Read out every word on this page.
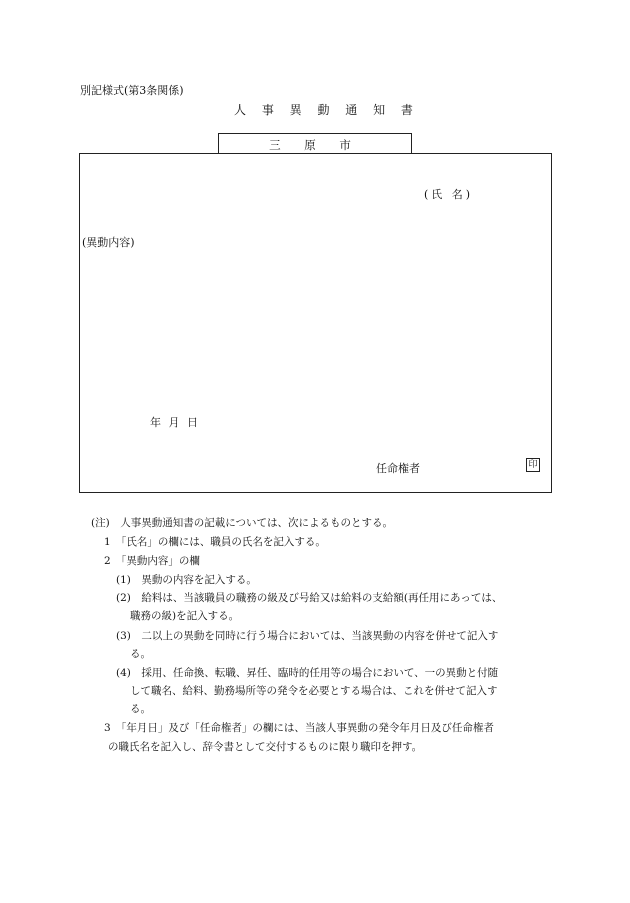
別記様式(第3条関係)
人 事 異 動 通 知 書
三 原 市
(氏 名)
(異動内容)
年 月 日
任命権者	印
(注)　人事異動通知書の記載については、次によるものとする。
1　「氏名」の欄には、職員の氏名を記入する。
2　「異動内容」の欄
(1)　異動の内容を記入する。
(2)　給料は、当該職員の職務の級及び号給又は給料の支給額(再任用にあっては、
職務の級)を記入する。
(3)　二以上の異動を同時に行う場合においては、当該異動の内容を併せて記入す
る。
(4)　採用、任命換、転職、昇任、臨時的任用等の場合において、一の異動と付随
して職名、給料、勤務場所等の発令を必要とする場合は、これを併せて記入す
る。
3　「年月日」及び「任命権者」の欄には、当該人事異動の発令年月日及び任命権者
の職氏名を記入し、辞令書として交付するものに限り職印を押す。
